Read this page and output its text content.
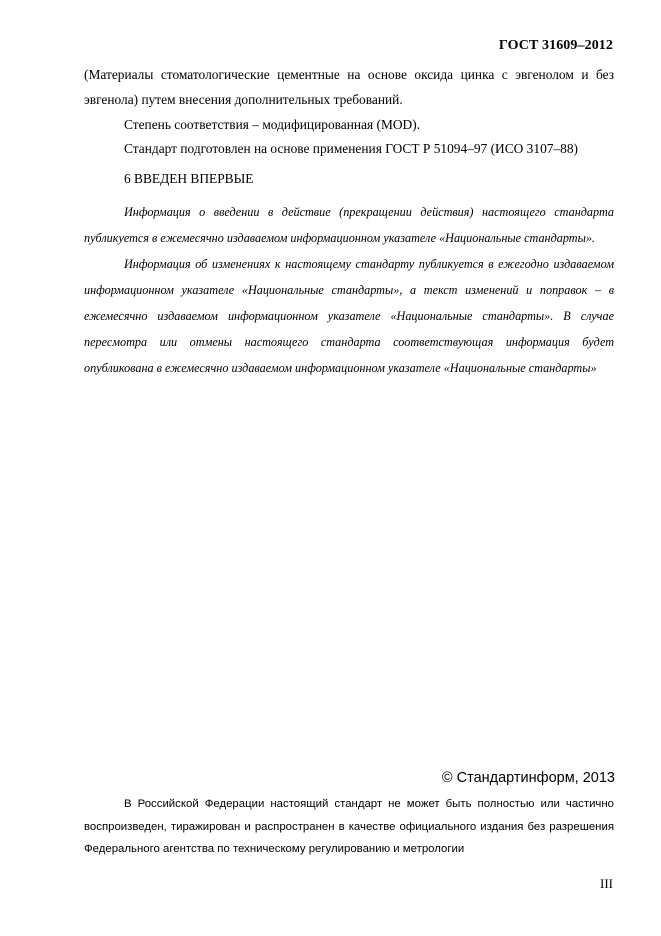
ГОСТ 31609–2012

(Материалы стоматологические цементные на основе оксида цинка с эвгенолом и без эвгенола) путем внесения дополнительных требований.

Степень соответствия – модифицированная (MOD).

Стандарт подготовлен на основе применения ГОСТ Р 51094–97 (ИСО 3107–88)

6 ВВЕДЕН ВПЕРВЫЕ

Информация о введении в действие (прекращении действия) настоящего стандарта публикуется в ежемесячно издаваемом информационном указателе «Национальные стандарты».

Информация об изменениях к настоящему стандарту публикуется в ежегодно издаваемом информационном указателе «Национальные стандарты», а текст изменений и поправок – в ежемесячно издаваемом информационном указателе «Национальные стандарты». В случае пересмотра или отмены настоящего стандарта соответствующая информация будет опубликована в ежемесячно издаваемом информационном указателе «Национальные стандарты»

© Стандартинформ, 2013

В Российской Федерации настоящий стандарт не может быть полностью или частично воспроизведен, тиражирован и распространен в качестве официального издания без разрешения Федерального агентства по техническому регулированию и метрологии

III
